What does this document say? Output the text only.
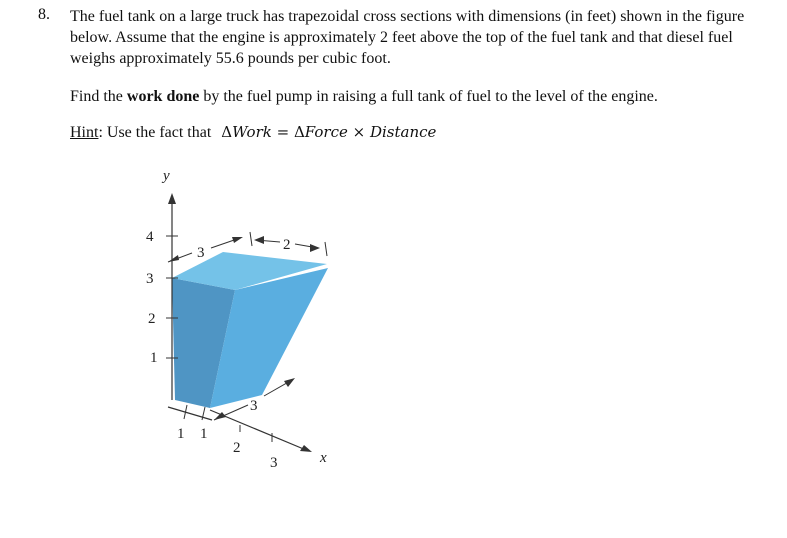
8. The fuel tank on a large truck has trapezoidal cross sections with dimensions (in feet) shown in the figure below. Assume that the engine is approximately 2 feet above the top of the fuel tank and that diesel fuel weighs approximately 55.6 pounds per cubic foot.
Find the work done by the fuel pump in raising a full tank of fuel to the level of the engine.
Hint: Use the fact that ΔWork = ΔForce × Distance
y
4
3
2
1
3	2
3
1 1
2
3	x
